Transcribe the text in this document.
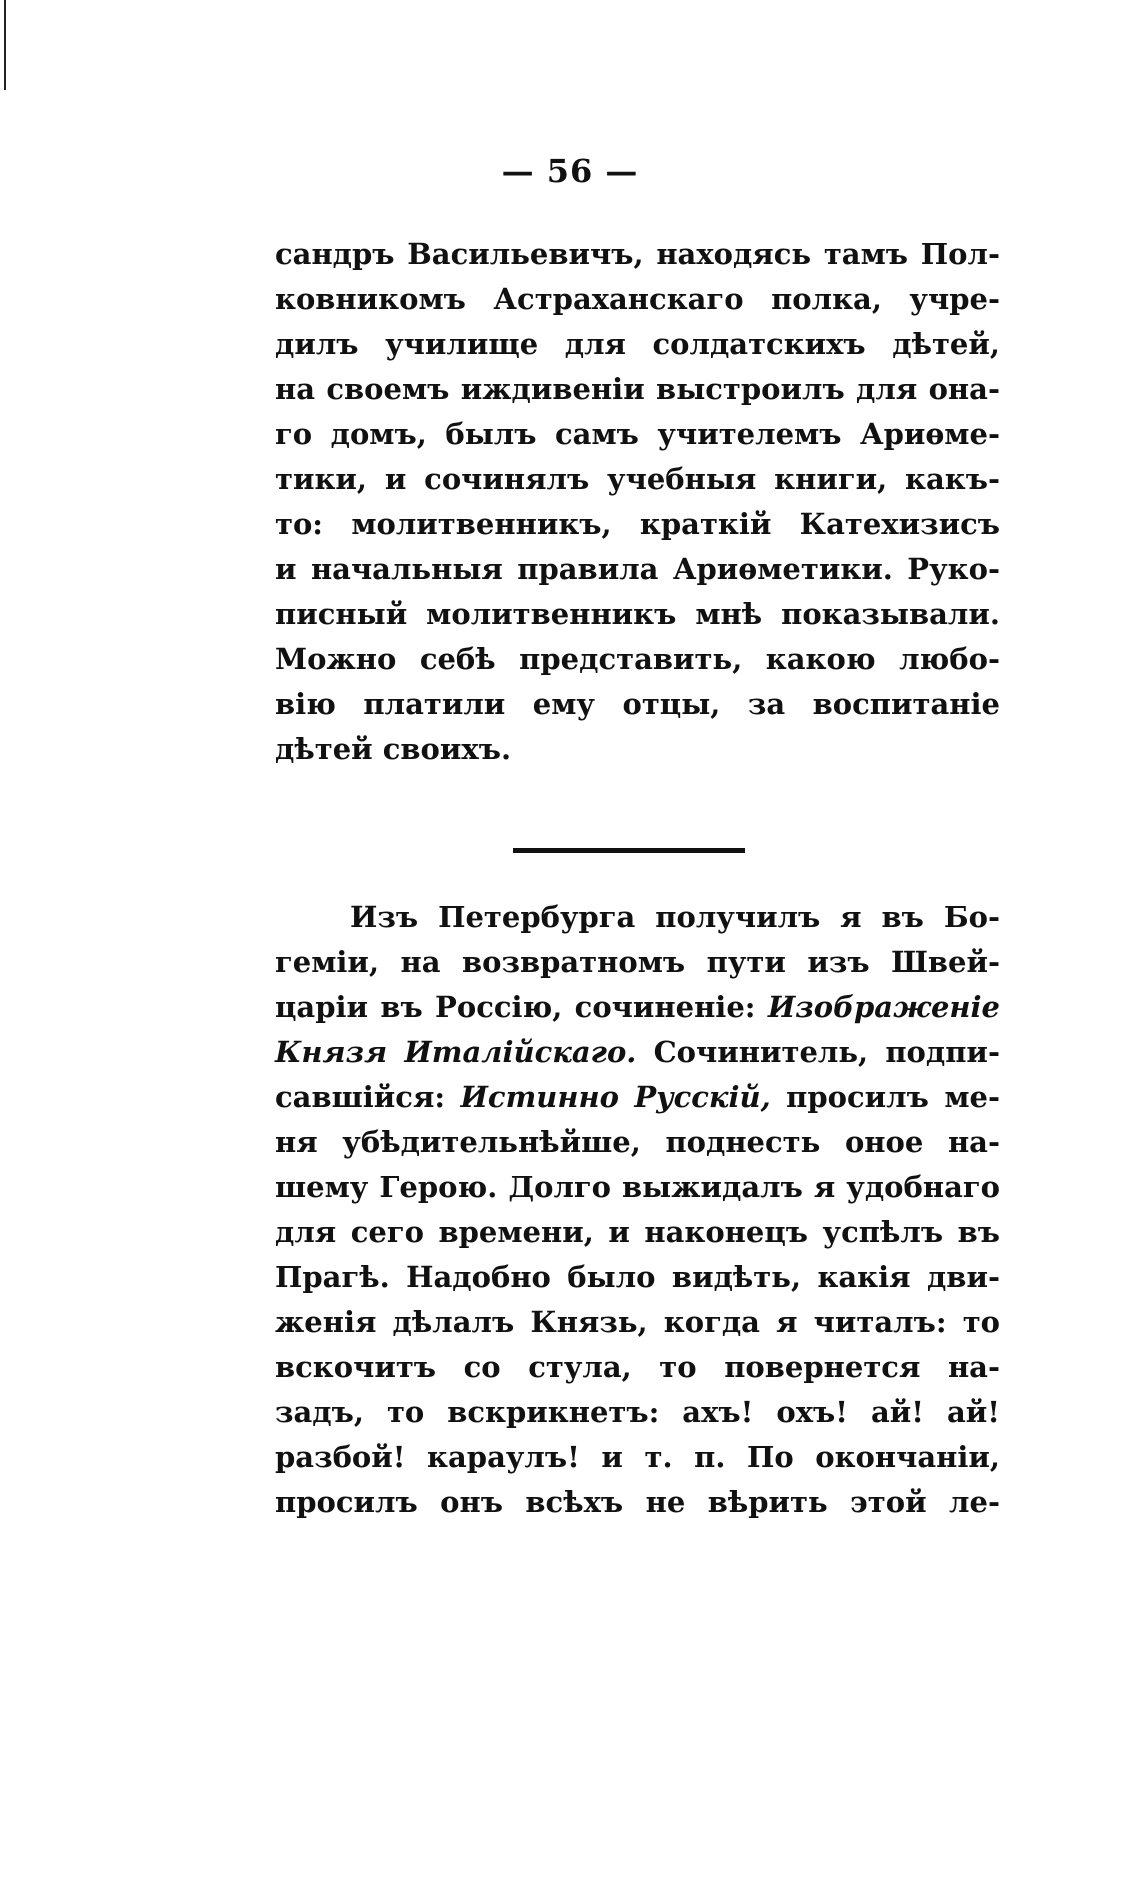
— 56 —
сандръ Васильевичъ, находясь тамъ Пол-
ковникомъ Астраханскаго полка, учре-
дилъ училище для солдатскихъ дѣтей,
на своемъ иждивеніи выстроилъ для она-
го домъ, былъ самъ учителемъ Ариѳме-
тики, и сочинялъ учебныя книги, какъ-
то: молитвенникъ, краткій Катехизисъ
и начальныя правила Ариѳметики. Руко-
писный молитвенникъ мнѣ показывали.
Можно себѣ представить, какою любо-
вію платили ему отцы, за воспитаніе
дѣтей своихъ.
Изъ Петербурга получилъ я въ Бо-
геміи, на возвратномъ пути изъ Швей-
царіи въ Россію, сочиненіе: Изображеніе
Князя Италійскаго. Сочинитель, подпи-
савшійся: Истинно Русскій, просилъ ме-
ня убѣдительнѣйше, поднесть оное на-
шему Герою. Долго выжидалъ я удобнаго
для сего времени, и наконецъ успѣлъ въ
Прагѣ. Надобно было видѣть, какія дви-
женія дѣлалъ Князь, когда я читалъ: то
вскочитъ со стула, то повернется на-
задъ, то вскрикнетъ: ахъ! охъ! ай! ай!
разбой! караулъ! и т. п. По окончаніи,
просилъ онъ всѣхъ не вѣрить этой ле-
